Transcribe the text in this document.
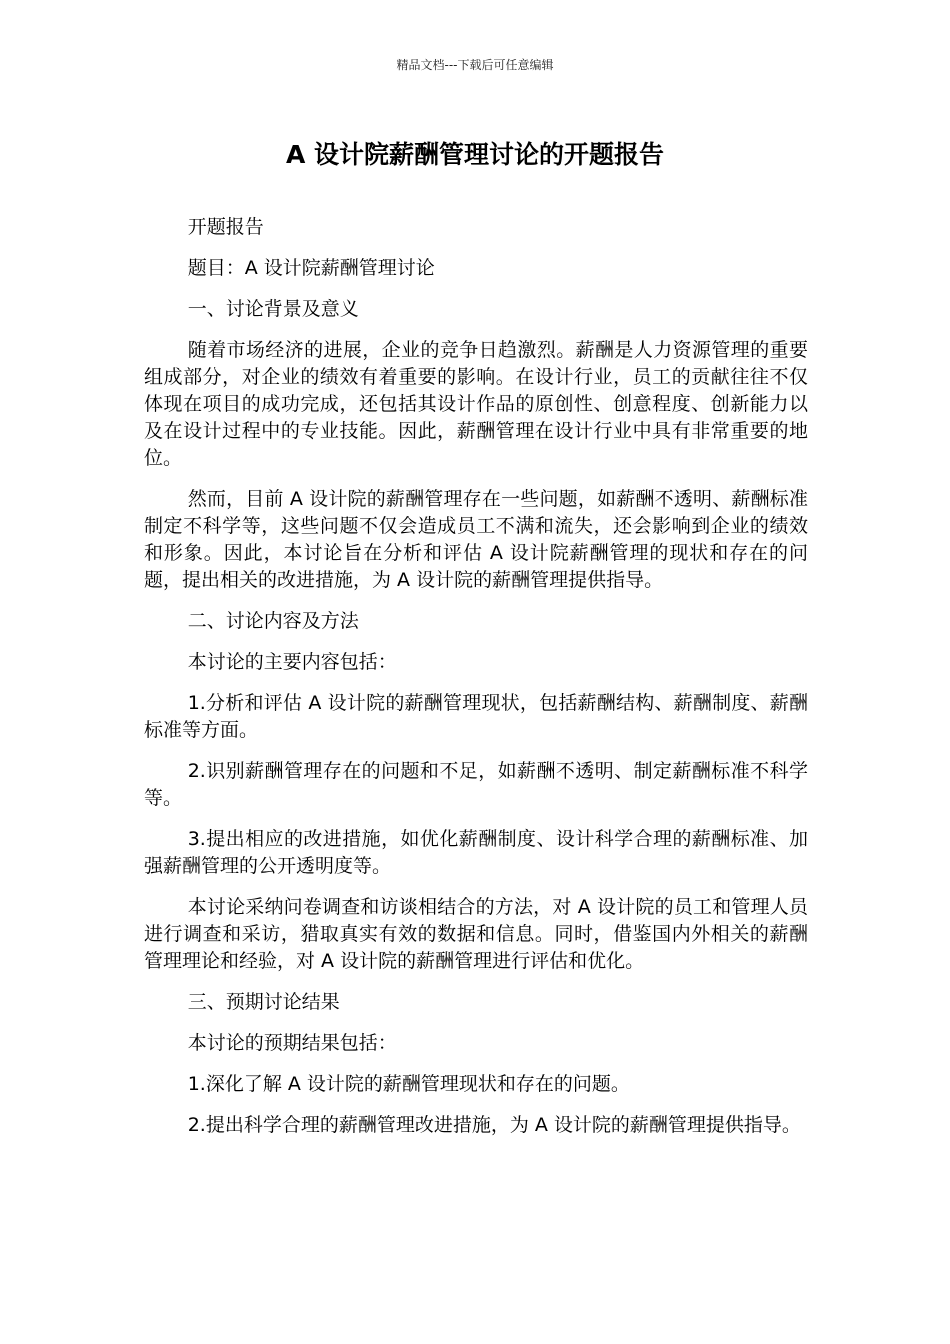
精品文档---下载后可任意编辑
A 设计院薪酬管理讨论的开题报告

开题报告

题目：A 设计院薪酬管理讨论

一、讨论背景及意义

随着市场经济的进展，企业的竞争日趋激烈。薪酬是人力资源管理的重要组成部分，对企业的绩效有着重要的影响。在设计行业，员工的贡献往往不仅体现在项目的成功完成，还包括其设计作品的原创性、创意程度、创新能力以及在设计过程中的专业技能。因此，薪酬管理在设计行业中具有非常重要的地位。

然而，目前 A 设计院的薪酬管理存在一些问题，如薪酬不透明、薪酬标准制定不科学等，这些问题不仅会造成员工不满和流失，还会影响到企业的绩效和形象。因此，本讨论旨在分析和评估 A 设计院薪酬管理的现状和存在的问题，提出相关的改进措施，为 A 设计院的薪酬管理提供指导。

二、讨论内容及方法

本讨论的主要内容包括：

1.分析和评估 A 设计院的薪酬管理现状，包括薪酬结构、薪酬制度、薪酬标准等方面。

2.识别薪酬管理存在的问题和不足，如薪酬不透明、制定薪酬标准不科学等。

3.提出相应的改进措施，如优化薪酬制度、设计科学合理的薪酬标准、加强薪酬管理的公开透明度等。

本讨论采纳问卷调查和访谈相结合的方法，对 A 设计院的员工和管理人员进行调查和采访，猎取真实有效的数据和信息。同时，借鉴国内外相关的薪酬管理理论和经验，对 A 设计院的薪酬管理进行评估和优化。

三、预期讨论结果

本讨论的预期结果包括：

1.深化了解 A 设计院的薪酬管理现状和存在的问题。

2.提出科学合理的薪酬管理改进措施，为 A 设计院的薪酬管理提供指导。
